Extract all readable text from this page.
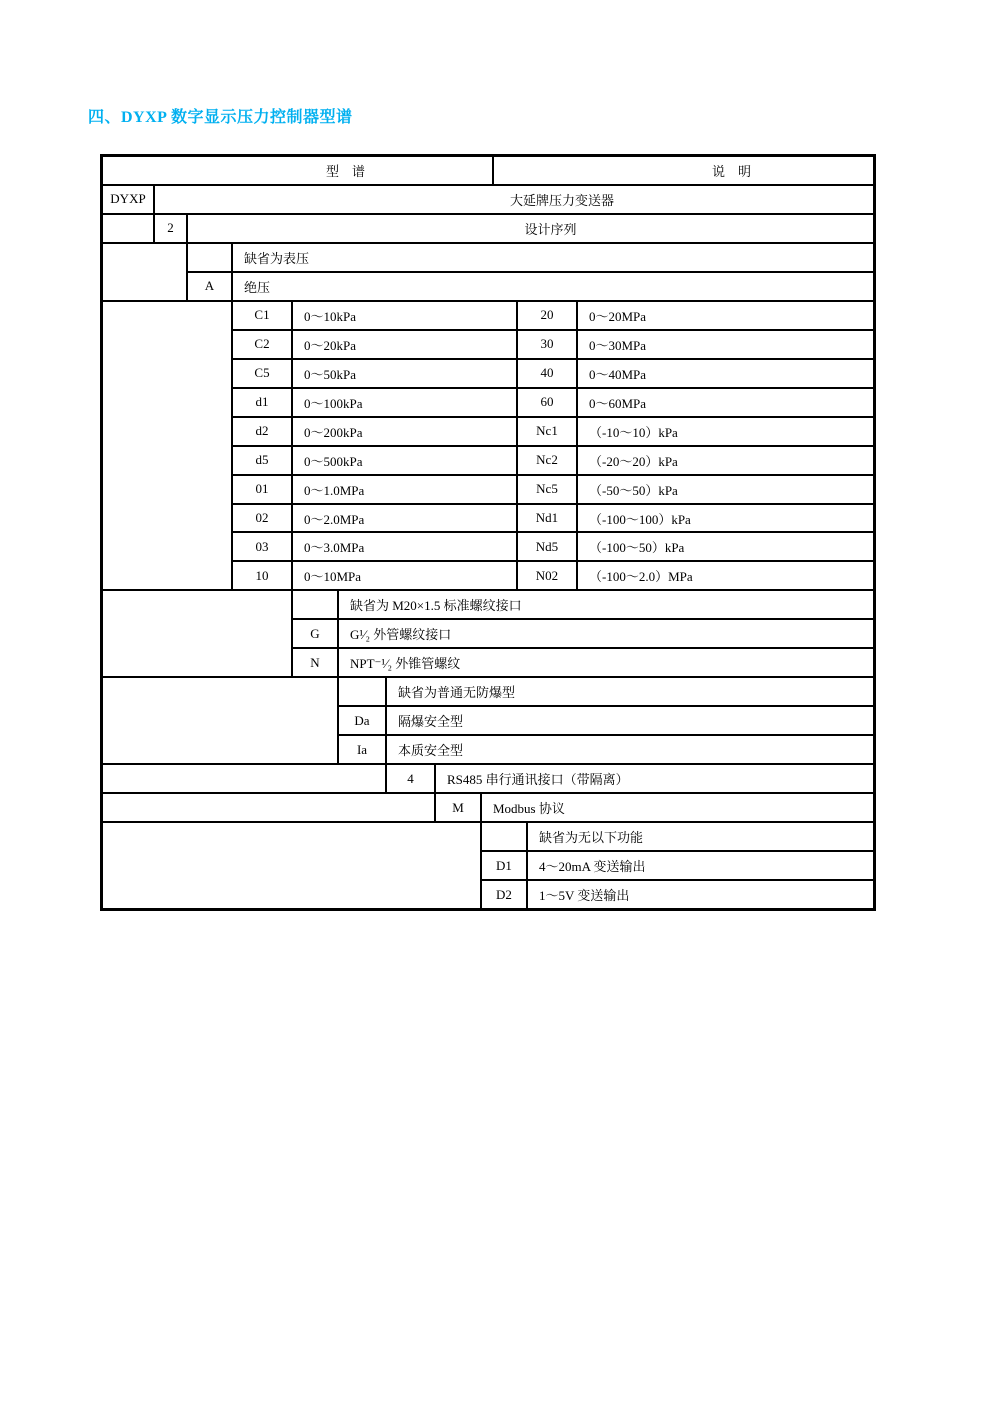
四、DYXP 数字显示压力控制器型谱
型　谱	说　明
DYXP	大延牌压力变送器
2	设计序列
缺省为表压
A	绝压
C1	0～10kPa	20	0～20MPa
C2	0～20kPa	30	0～30MPa
C5	0～50kPa	40	0～40MPa
d1	0～100kPa	60	0～60MPa
d2	0～200kPa	Nc1	（-10～10）kPa
d5	0～500kPa	Nc2	（-20～20）kPa
01	0～1.0MPa	Nc5	（-50～50）kPa
02	0～2.0MPa	Nd1	（-100～100）kPa
03	0～3.0MPa	Nd5	（-100～50）kPa
10	0～10MPa	N02	（-100～2.0）MPa
缺省为 M20×1.5 标准螺纹接口
G	G¹⁄₂ 外管螺纹接口
N	NPT⁻¹⁄₂ 外锥管螺纹
缺省为普通无防爆型
Da	隔爆安全型
Ia	本质安全型
4	RS485 串行通讯接口（带隔离）
M	Modbus 协议
缺省为无以下功能
D1	4～20mA 变送输出
D2	1～5V 变送输出
